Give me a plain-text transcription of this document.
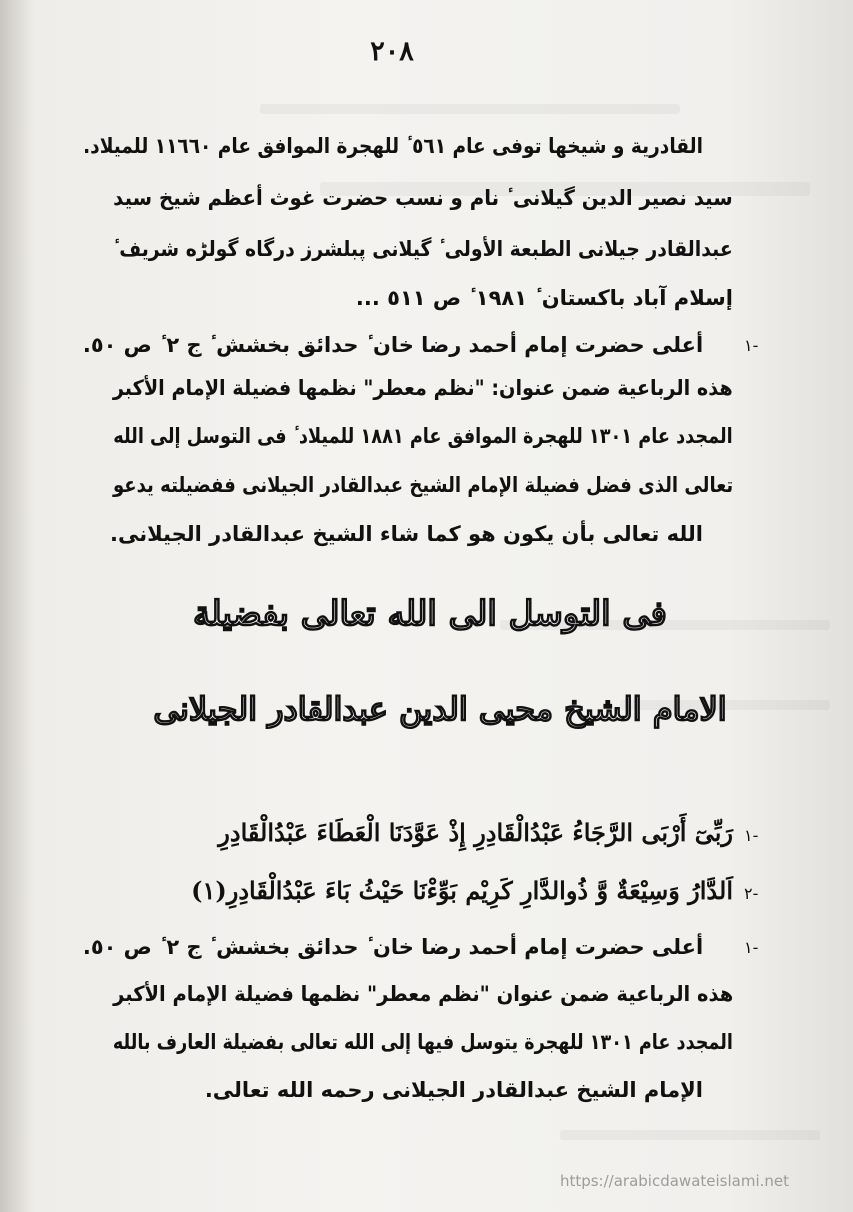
٢٠٨
القادرية و شيخها توفى عام ٥٦١ ٔ للهجرة الموافق عام ١١٦٦٠ للميلاد.
سيد نصير الدين گيلانى ٔ نام و نسب حضرت غوث أعظم شيخ سيد
عبدالقادر جيلانى الطبعة الأولى ٔ گيلانى پبلشرز درگاه گولڑه شريف ٔ
إسلام آباد باكستان ٔ ١٩٨١ ٔ ص ٥١١ ...
-١
أعلى حضرت إمام أحمد رضا خان ٔ حدائق بخشش ٔ ج ٢ ٔ ص ٥٠.
هذه الرباعية ضمن عنوان: "نظم معطر" نظمها فضيلة الإمام الأكبر
المجدد عام ١٣٠١ للهجرة الموافق عام ١٨٨١ للميلاد ٔ فى التوسل إلى الله
تعالى الذى فضل فضيلة الإمام الشيخ عبدالقادر الجيلانى ففضيلته يدعو
الله تعالى بأن يكون هو كما شاء الشيخ عبدالقادر الجيلانى.
فى التوسل الى الله تعالى بفضيلة
الامام الشيخ محيى الدين عبدالقادر الجيلانى
-١
رَبِّىٓ أَرْبَى الرَّجَاءُ عَبْدُالْقَادِرِ إِذْ عَوَّدَنَا الْعَطَاءَ عَبْدُالْقَادِرِ
-٢
اَلدَّارُ وَسِيْعَةٌ وَّ ذُوالدَّارِ كَرِيْم بَوِّءْنَا حَيْثُ بَاءَ عَبْدُالْقَادِرِ(١)
-١
أعلى حضرت إمام أحمد رضا خان ٔ حدائق بخشش ٔ ج ٢ ٔ ص ٥٠.
هذه الرباعية ضمن عنوان "نظم معطر" نظمها فضيلة الإمام الأكبر
المجدد عام ١٣٠١ للهجرة يتوسل فيها إلى الله تعالى بفضيلة العارف بالله
الإمام الشيخ عبدالقادر الجيلانى رحمه الله تعالى.
https://arabicdawateislami.net
